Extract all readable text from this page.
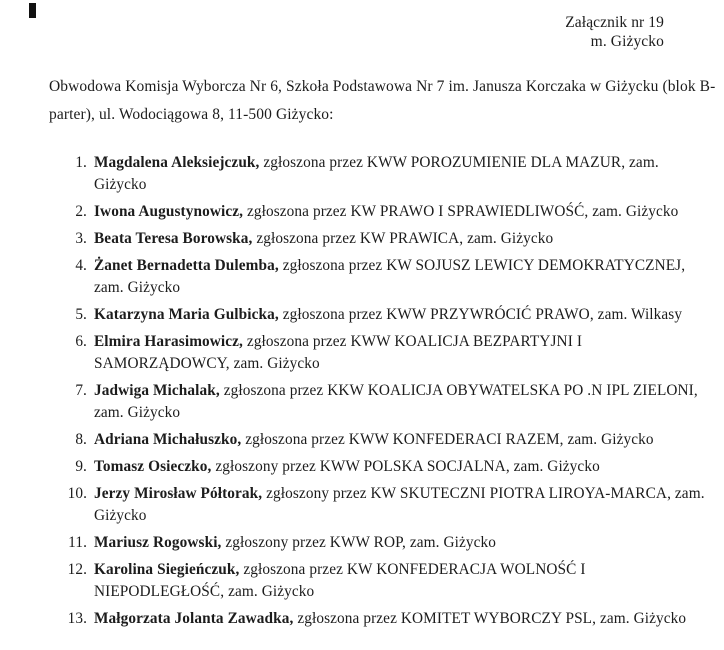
Załącznik nr 19
m. Giżycko
Obwodowa Komisja Wyborcza Nr 6, Szkoła Podstawowa Nr 7 im. Janusza Korczaka w Giżycku (blok B-
parter), ul. Wodociągowa 8, 11-500 Giżycko:
1. Magdalena Aleksiejczuk, zgłoszona przez KWW POROZUMIENIE DLA MAZUR, zam.
Giżycko
2. Iwona Augustynowicz, zgłoszona przez KW PRAWO I SPRAWIEDLIWOŚĆ, zam. Giżycko
3. Beata Teresa Borowska, zgłoszona przez KW PRAWICA, zam. Giżycko
4. Żanet Bernadetta Dulemba, zgłoszona przez KW SOJUSZ LEWICY DEMOKRATYCZNEJ,
zam. Giżycko
5. Katarzyna Maria Gulbicka, zgłoszona przez KWW PRZYWRÓCIĆ PRAWO, zam. Wilkasy
6. Elmira Harasimowicz, zgłoszona przez KWW KOALICJA BEZPARTYJNI I
SAMORZĄDOWCY, zam. Giżycko
7. Jadwiga Michalak, zgłoszona przez KKW KOALICJA OBYWATELSKA PO .N IPL ZIELONI,
zam. Giżycko
8. Adriana Michałuszko, zgłoszona przez KWW KONFEDERACI RAZEM, zam. Giżycko
9. Tomasz Osieczko, zgłoszony przez KWW POLSKA SOCJALNA, zam. Giżycko
10. Jerzy Mirosław Półtorak, zgłoszony przez KW SKUTECZNI PIOTRA LIROYA-MARCA, zam.
Giżycko
11. Mariusz Rogowski, zgłoszony przez KWW ROP, zam. Giżycko
12. Karolina Siegieńczuk, zgłoszona przez KW KONFEDERACJA WOLNOŚĆ I
NIEPODLEGŁOŚĆ, zam. Giżycko
13. Małgorzata Jolanta Zawadka, zgłoszona przez KOMITET WYBORCZY PSL, zam. Giżycko
